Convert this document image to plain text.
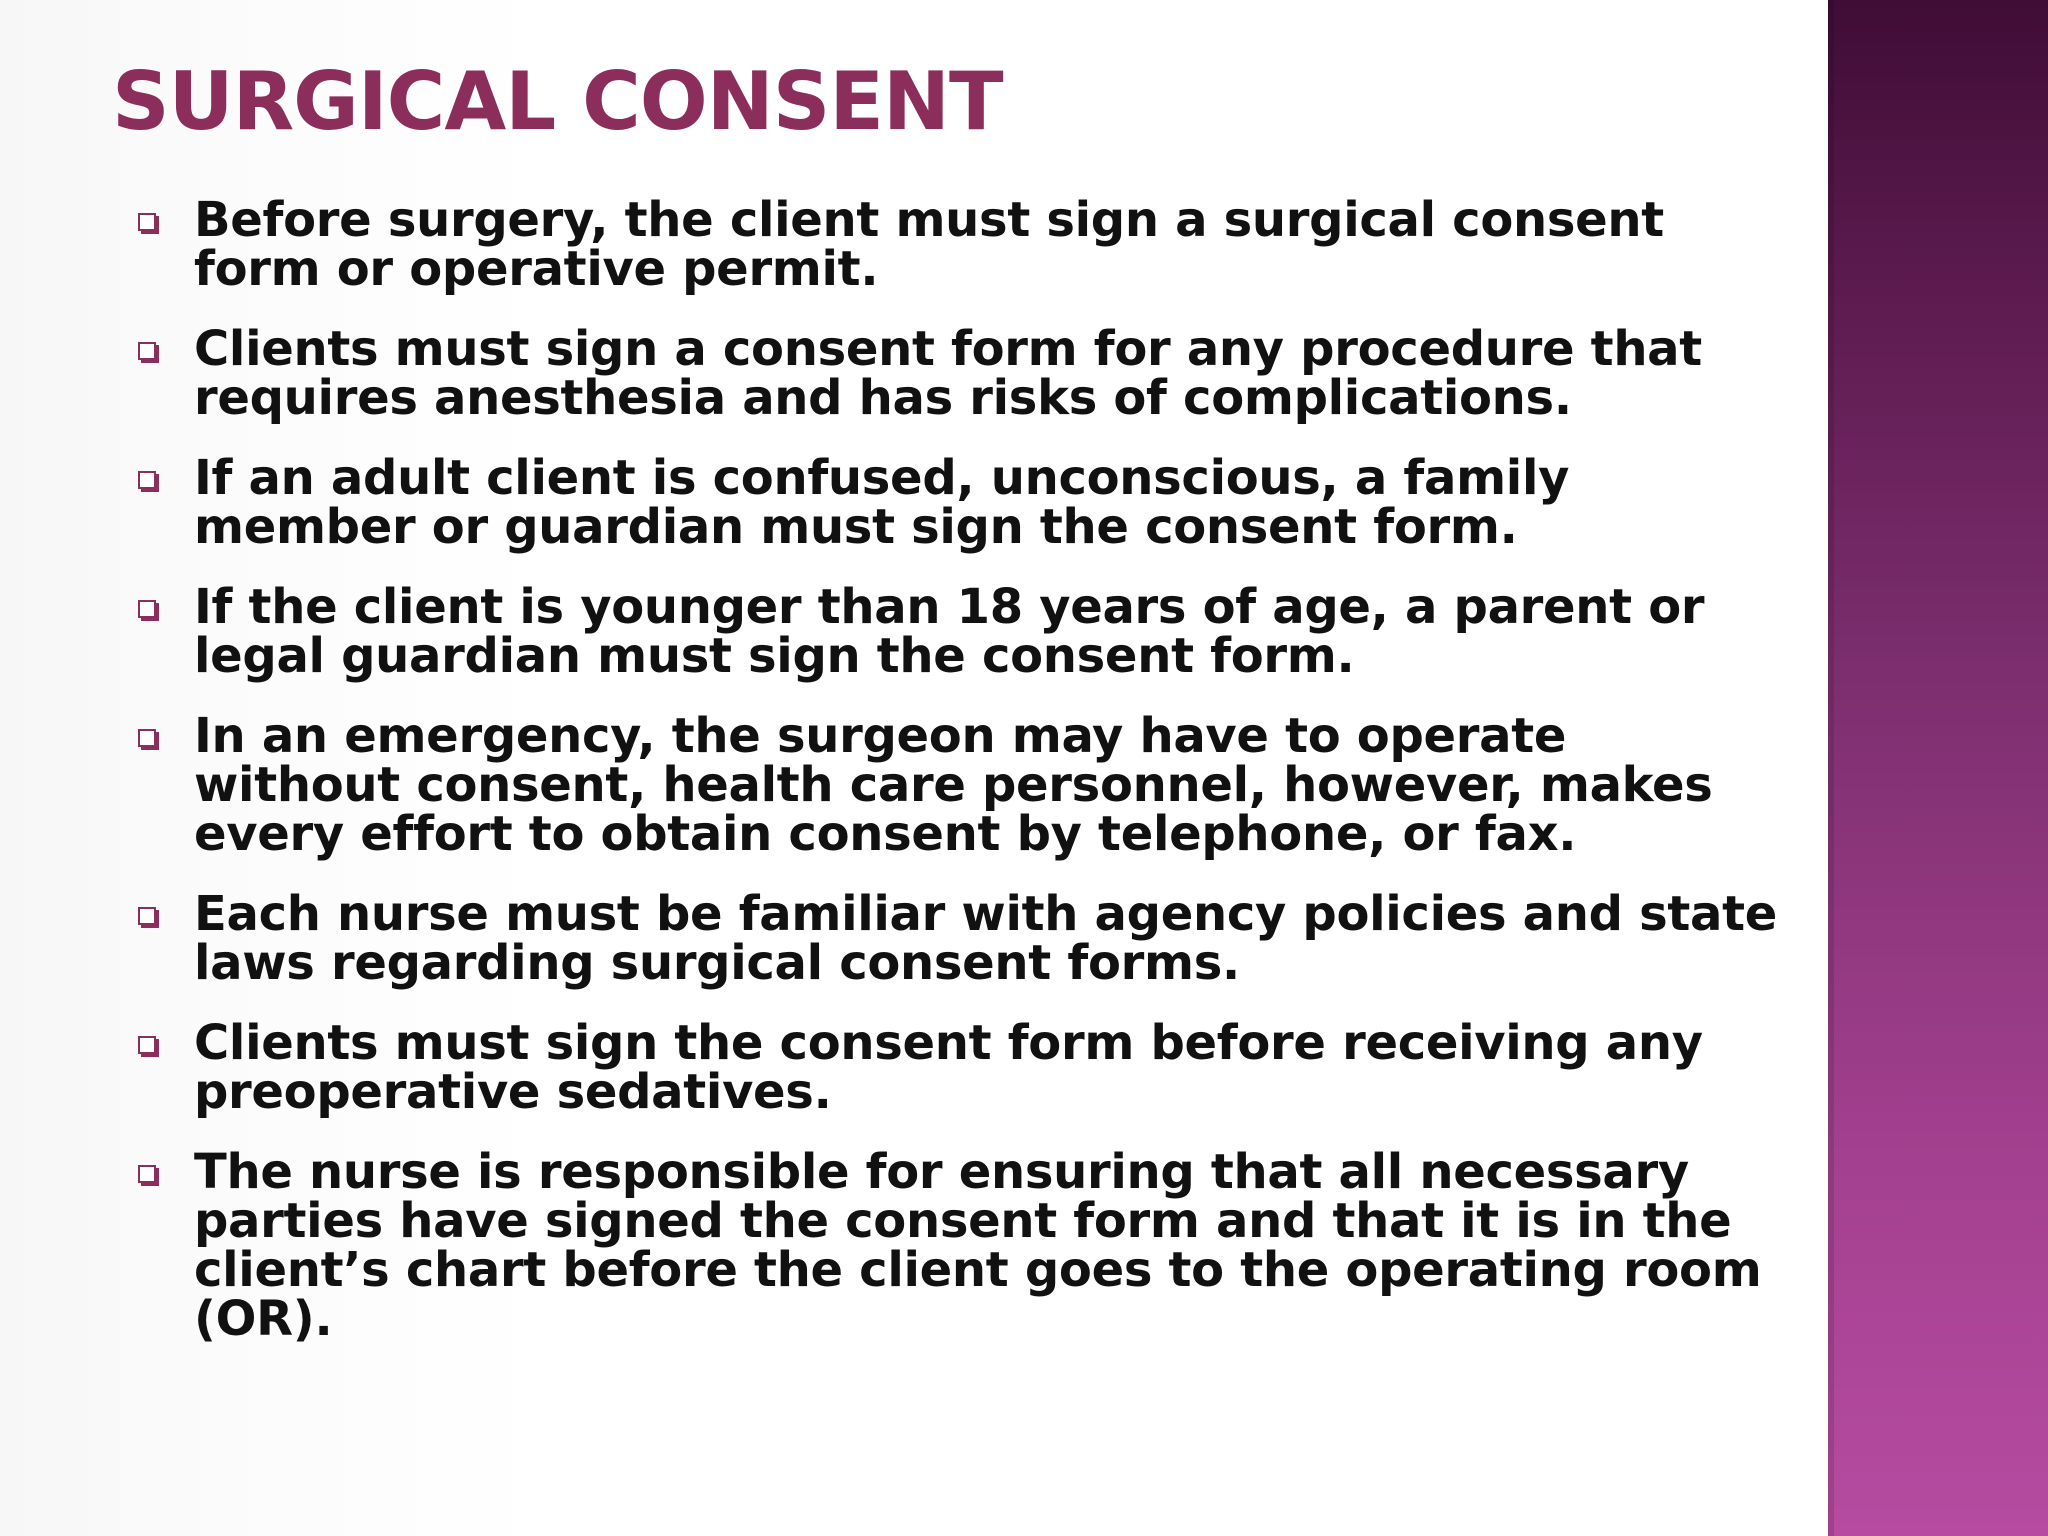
SURGICAL CONSENT
Before surgery, the client must sign a surgical consent form or operative permit.
Clients must sign a consent form for any procedure that requires anesthesia and has risks of complications.
If an adult client is confused, unconscious, a family member or guardian must sign the consent form.
If the client is younger than 18 years of age, a parent or legal guardian must sign the consent form.
In an emergency, the surgeon may have to operate without consent, health care personnel, however, makes every effort to obtain consent by telephone, or fax.
Each nurse must be familiar with agency policies and state laws regarding surgical consent forms.
Clients must sign the consent form before receiving any preoperative sedatives.
The nurse is responsible for ensuring that all necessary parties have signed the consent form and that it is in the client’s chart before the client goes to the operating room (OR).
